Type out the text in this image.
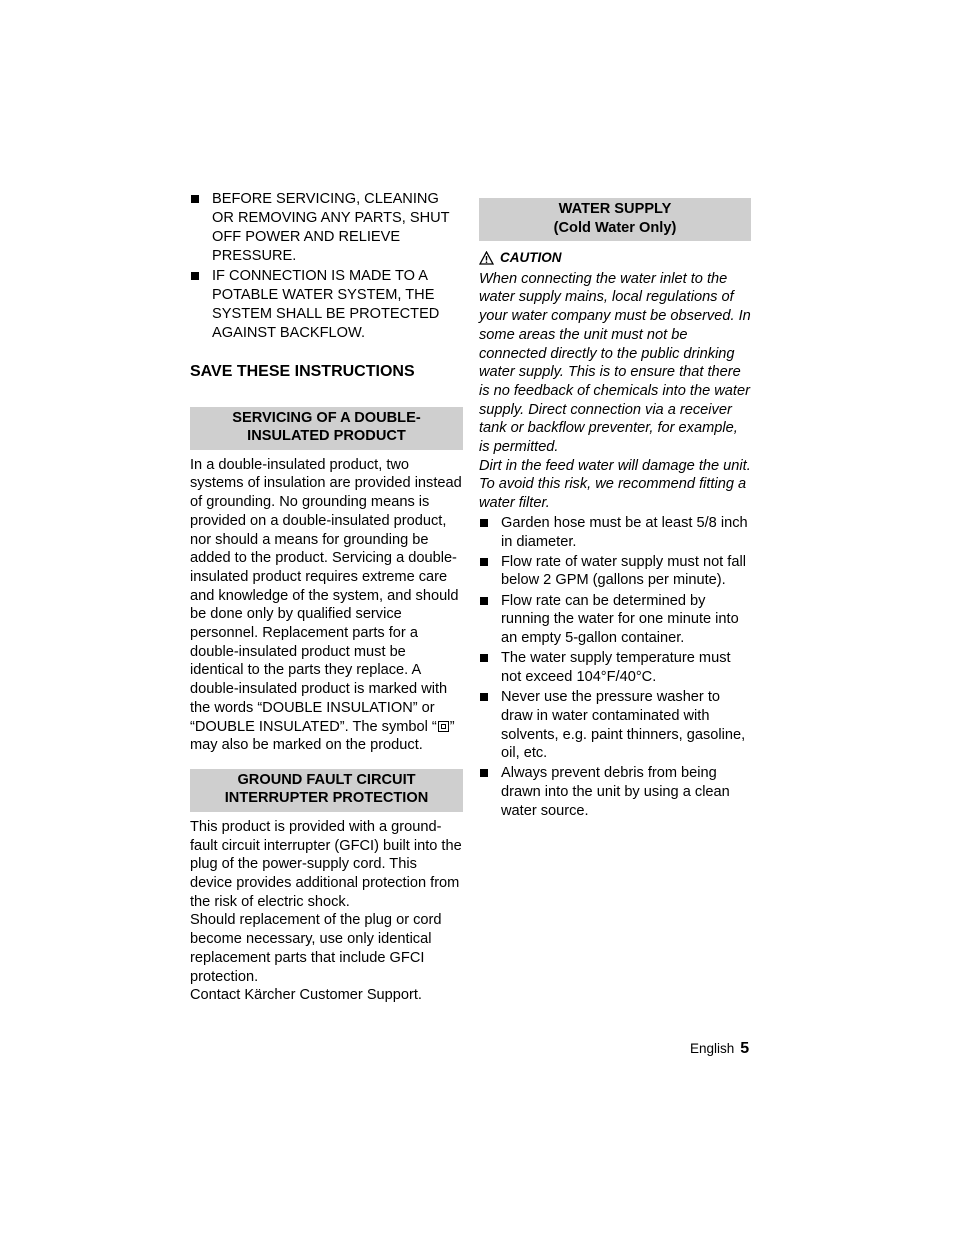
BEFORE SERVICING, CLEANING OR REMOVING ANY PARTS, SHUT OFF POWER AND RELIEVE PRESSURE.
IF CONNECTION IS MADE TO A POTABLE WATER SYSTEM, THE SYSTEM SHALL BE PROTECTED AGAINST BACKFLOW.
SAVE THESE INSTRUCTIONS
SERVICING OF A DOUBLE-INSULATED PRODUCT

In a double-insulated product, two systems of insulation are provided instead of grounding. No grounding means is provided on a double-insulated product, nor should a means for grounding be added to the product. Servicing a double-insulated product requires extreme care and knowledge of the system, and should be done only by qualified service personnel. Replacement parts for a double-insulated product must be identical to the parts they replace. A double-insulated product is marked with the words “DOUBLE INSULATION” or “DOUBLE INSULATED”. The symbol “ ” may also be marked on the product.

GROUND FAULT CIRCUIT INTERRUPTER PROTECTION

This product is provided with a ground-fault circuit interrupter (GFCI) built into the plug of the power-supply cord. This device provides additional protection from the risk of electric shock.

Should replacement of the plug or cord become necessary, use only identical replacement parts that include GFCI protection.

Contact Kärcher Customer Support.

WATER SUPPLY
(Cold Water Only)
CAUTION

When connecting the water inlet to the water supply mains, local regulations of your water company must be observed. In some areas the unit must not be connected directly to the public drinking water supply. This is to ensure that there is no feedback of chemicals into the water supply. Direct connection via a receiver tank or backflow preventer, for example, is permitted.

Dirt in the feed water will damage the unit. To avoid this risk, we recommend fitting a water filter.

Garden hose must be at least 5/8 inch in diameter.
Flow rate of water supply must not fall below 2 GPM (gallons per minute).
Flow rate can be determined by running the water for one minute into an empty 5-gallon container.
The water supply temperature must not exceed 104°F/40°C.
Never use the pressure washer to draw in water contaminated with solvents, e.g. paint thinners, gasoline, oil, etc.
Always prevent debris from being drawn into the unit by using a clean water source.
English 5
